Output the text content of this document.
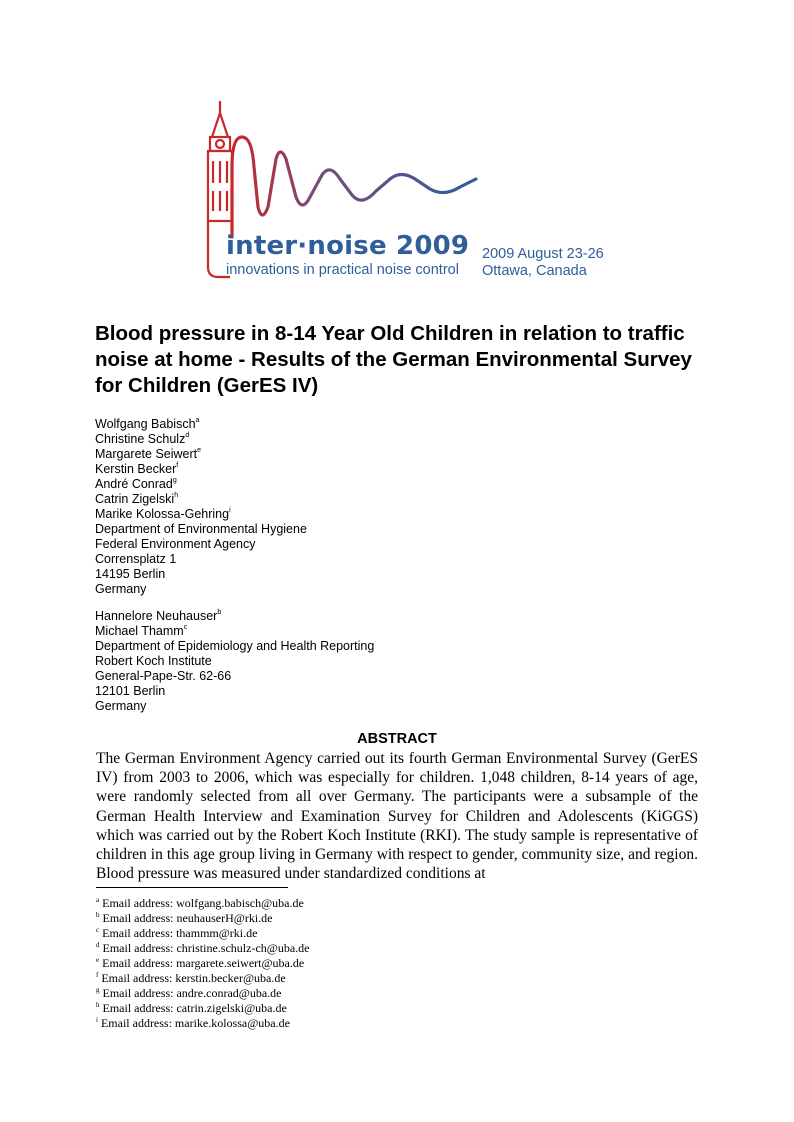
inter·noise 2009
innovations in practical noise control
2009 August 23-26
Ottawa, Canada
Blood pressure in 8-14 Year Old Children in relation to traffic noise at home - Results of the German Environmental Survey for Children (GerES IV)
Wolfgang Babisch$^a$
Christine Schulz$^d$
Margarete Seiwert$^e$
Kerstin Becker$^f$
André Conrad$^g$
Catrin Zigelski$^h$
Marike Kolossa-Gehring$^i$
Department of Environmental Hygiene
Federal Environment Agency
Corrensplatz 1
14195 Berlin
Germany
Hannelore Neuhauser$^b$
Michael Thamm$^c$
Department of Epidemiology and Health Reporting
Robert Koch Institute
General-Pape-Str. 62-66
12101 Berlin
Germany
ABSTRACT

The German Environment Agency carried out its fourth German Environmental Survey (GerES IV) from 2003 to 2006, which was especially for children. 1,048 children, 8-14 years of age, were randomly selected from all over Germany. The participants were a subsample of the German Health Interview and Examination Survey for Children and Adolescents (KiGGS) which was carried out by the Robert Koch Institute (RKI). The study sample is representative of children in this age group living in Germany with respect to gender, community size, and region. Blood pressure was measured under standardized conditions at

$^a$ Email address: wolfgang.babisch@uba.de
$^b$ Email address: neuhauserH@rki.de
$^c$ Email address: thammm@rki.de
$^d$ Email address: christine.schulz-ch@uba.de
$^e$ Email address: margarete.seiwert@uba.de
$^f$ Email address: kerstin.becker@uba.de
$^g$ Email address: andre.conrad@uba.de
$^h$ Email address: catrin.zigelski@uba.de
$^i$ Email address: marike.kolossa@uba.de
